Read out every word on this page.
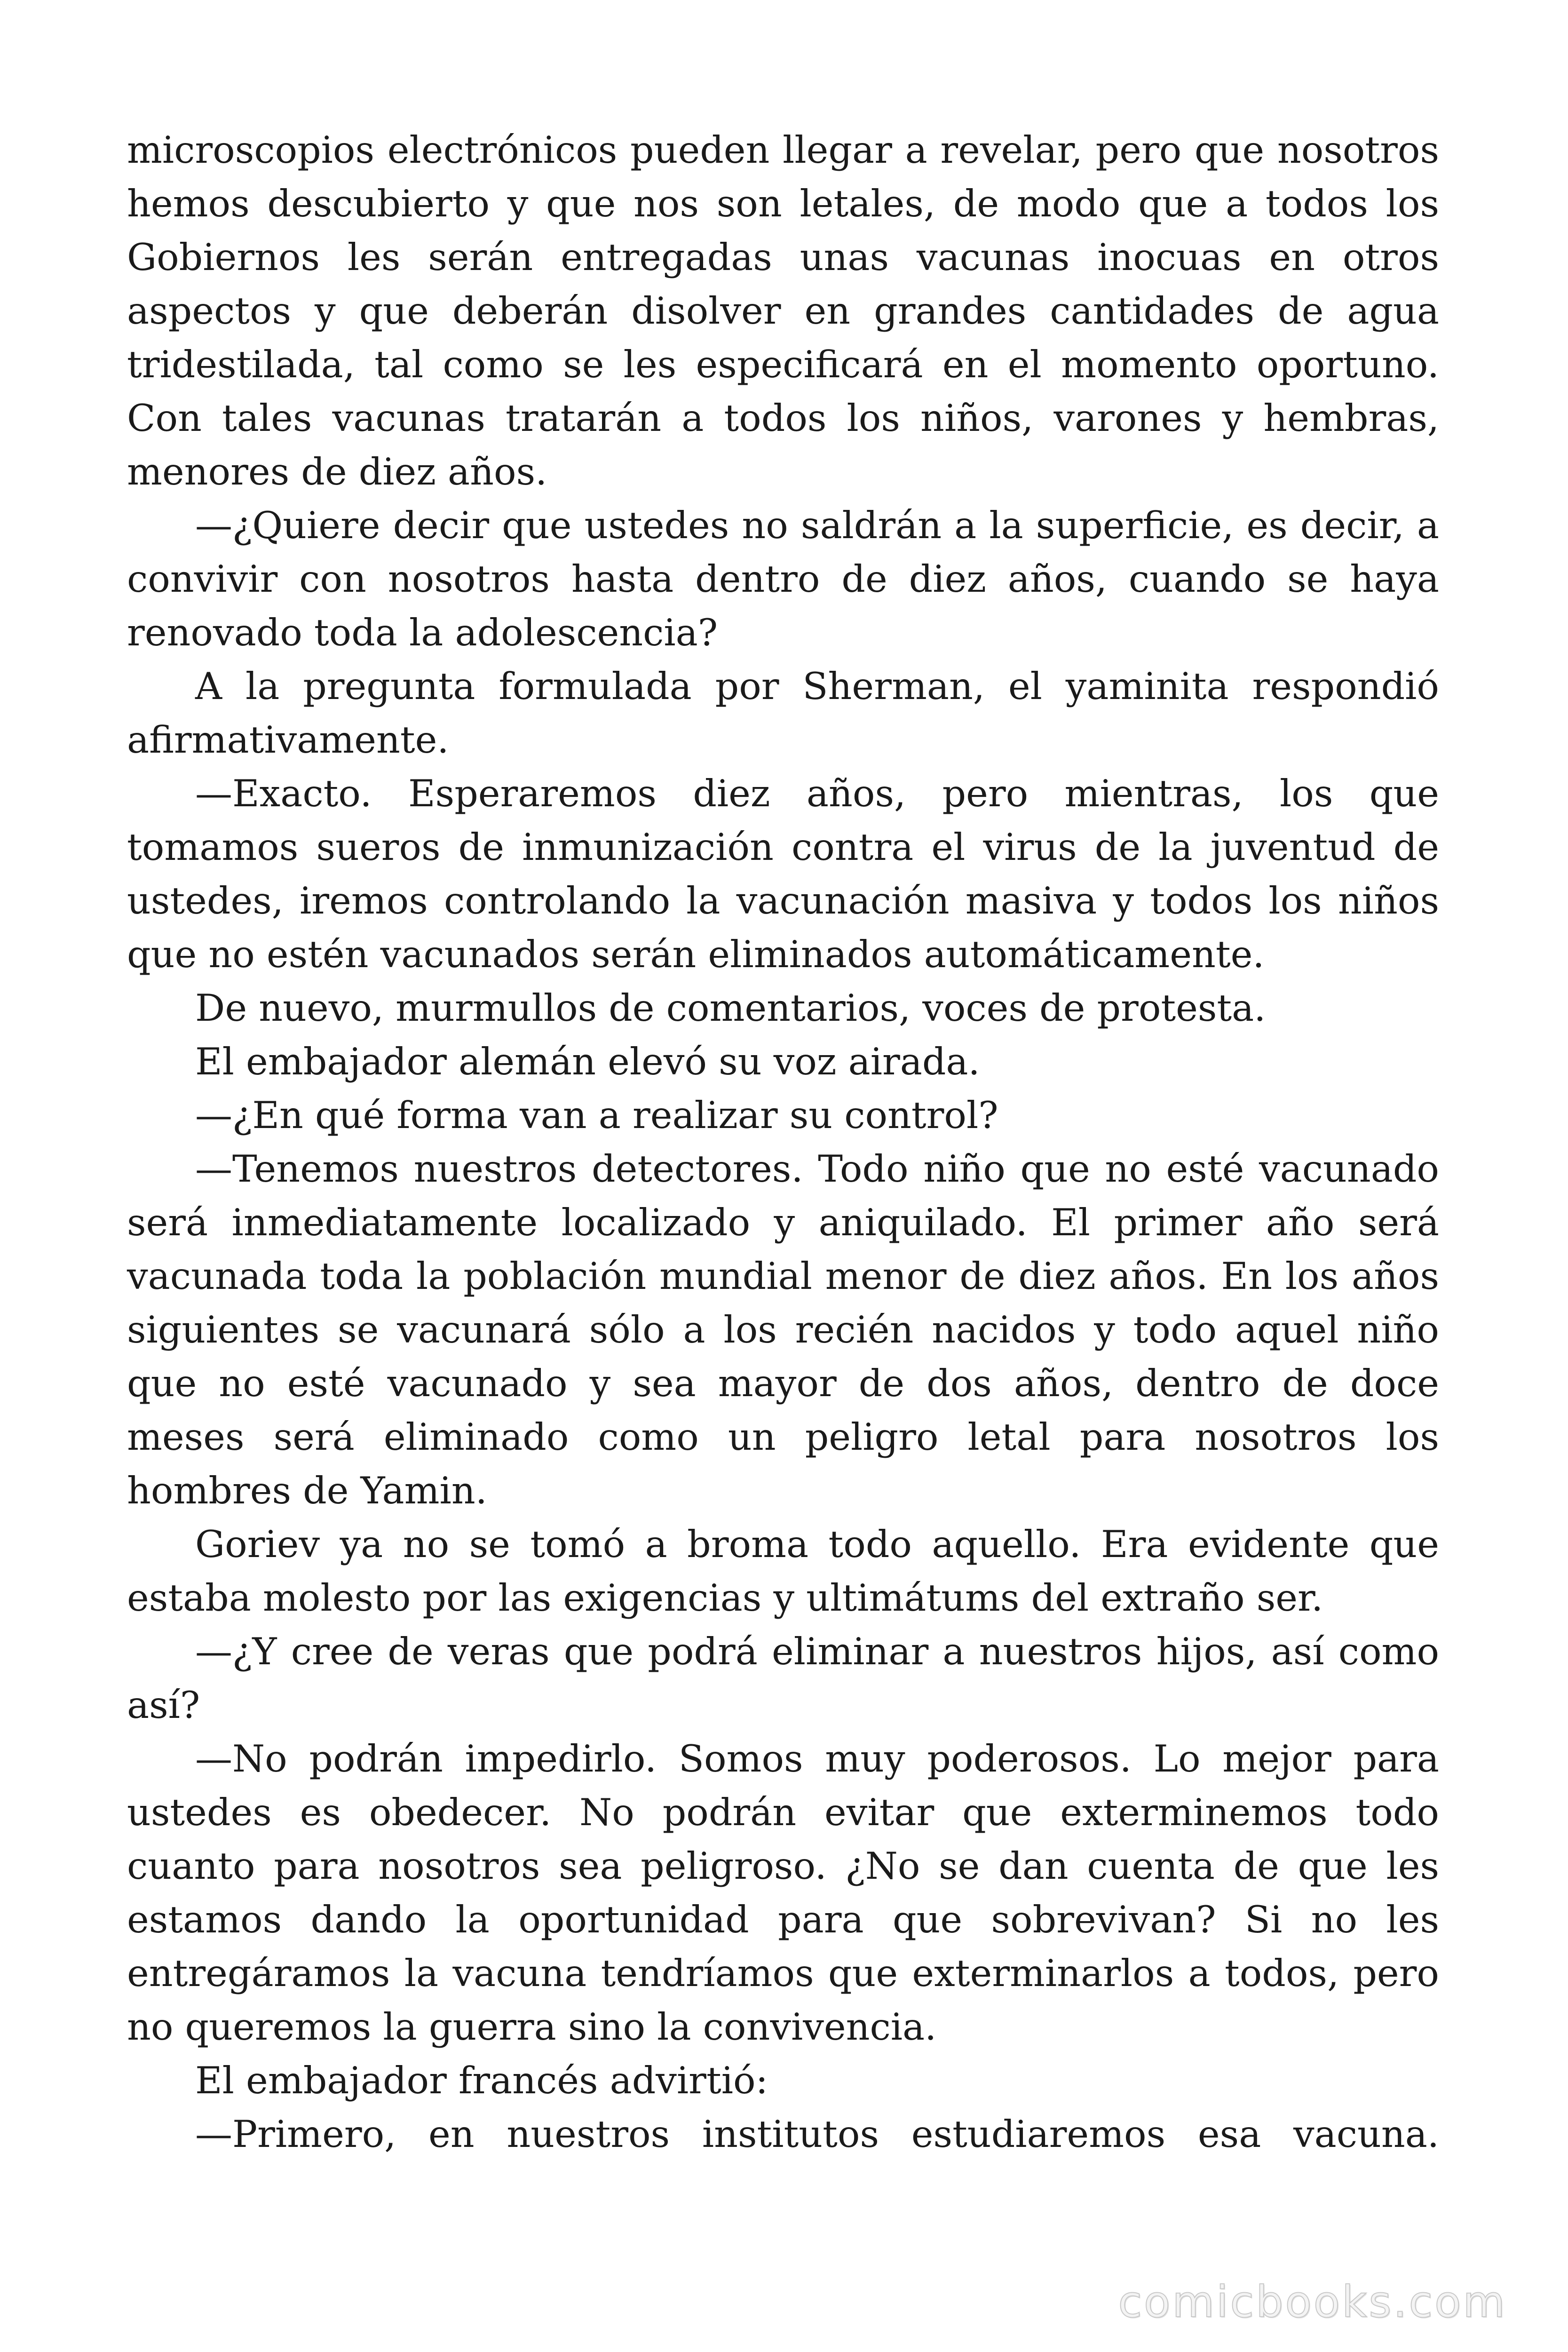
microscopios electrónicos pueden llegar a revelar, pero que nosotros hemos descubierto y que nos son letales, de modo que a todos los Gobiernos les serán entregadas unas vacunas inocuas en otros aspectos y que deberán disolver en grandes cantidades de agua tridestilada, tal como se les especificará en el momento oportuno. Con tales vacunas tratarán a todos los niños, varones y hembras, menores de diez años.

—¿Quiere decir que ustedes no saldrán a la superficie, es decir, a convivir con nosotros hasta dentro de diez años, cuando se haya renovado toda la adolescencia?

A la pregunta formulada por Sherman, el yaminita respondió afirmativamente.

—Exacto. Esperaremos diez años, pero mientras, los que tomamos sueros de inmunización contra el virus de la juventud de ustedes, iremos controlando la vacunación masiva y todos los niños que no estén vacunados serán eliminados automáticamente.

De nuevo, murmullos de comentarios, voces de protesta.

El embajador alemán elevó su voz airada.

—¿En qué forma van a realizar su control?

—Tenemos nuestros detectores. Todo niño que no esté vacunado será inmediatamente localizado y aniquilado. El primer año será vacunada toda la población mundial menor de diez años. En los años siguientes se vacunará sólo a los recién nacidos y todo aquel niño que no esté vacunado y sea mayor de dos años, dentro de doce meses será eliminado como un peligro letal para nosotros los hombres de Yamin.

Goriev ya no se tomó a broma todo aquello. Era evidente que estaba molesto por las exigencias y ultimátums del extraño ser.

—¿Y cree de veras que podrá eliminar a nuestros hijos, así como así?

—No podrán impedirlo. Somos muy poderosos. Lo mejor para ustedes es obedecer. No podrán evitar que exterminemos todo cuanto para nosotros sea peligroso. ¿No se dan cuenta de que les estamos dando la oportunidad para que sobrevivan? Si no les entregáramos la vacuna tendríamos que exterminarlos a todos, pero no queremos la guerra sino la convivencia.

El embajador francés advirtió:

—Primero, en nuestros institutos estudiaremos esa vacuna.

comicbooks.com
